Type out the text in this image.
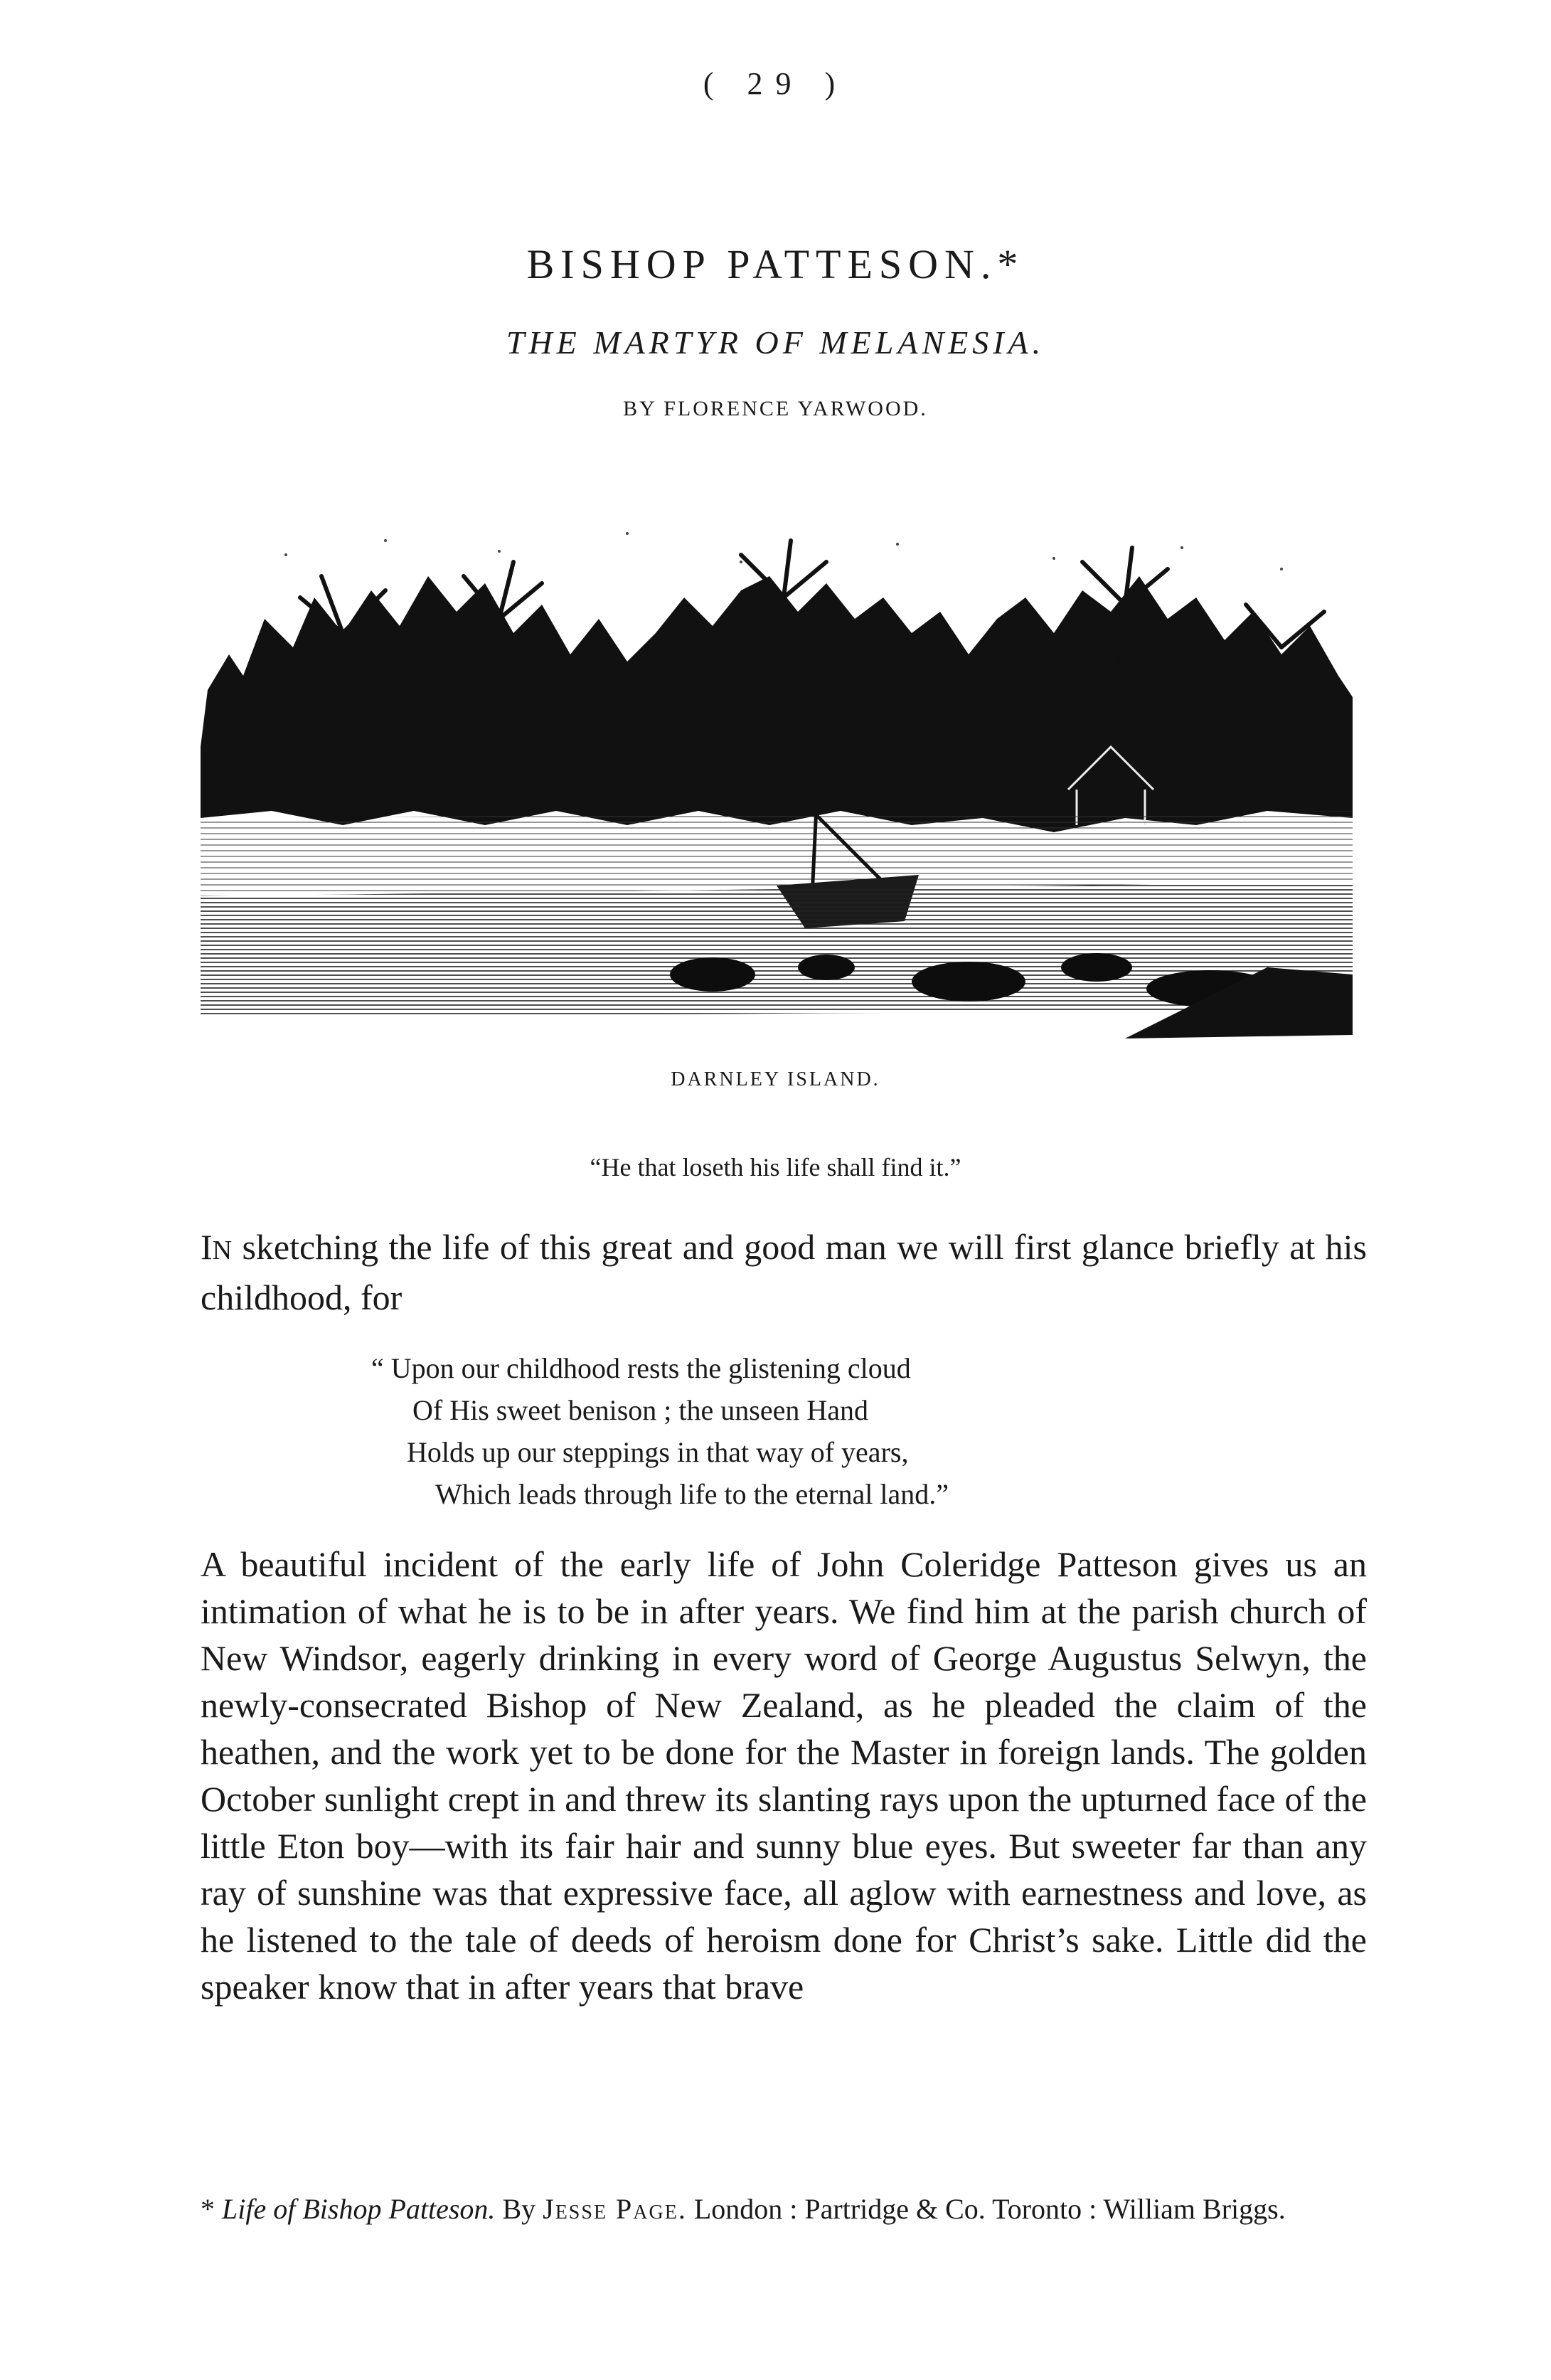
( 29 )
BISHOP PATTESON.*
THE MARTYR OF MELANESIA.
BY FLORENCE YARWOOD.
DARNLEY ISLAND.
“He that loseth his life shall find it.”
IN sketching the life of this great and good man we will first glance briefly at his childhood, for
“ Upon our childhood rests the glistening cloud
Of His sweet benison ; the unseen Hand
Holds up our steppings in that way of years,
Which leads through life to the eternal land.”
A beautiful incident of the early life of John Coleridge Patteson gives us an intimation of what he is to be in after years. We find him at the parish church of New Windsor, eagerly drinking in every word of George Augustus Selwyn, the newly-consecrated Bishop of New Zealand, as he pleaded the claim of the heathen, and the work yet to be done for the Master in foreign lands. The golden October sunlight crept in and threw its slanting rays upon the upturned face of the little Eton boy—with its fair hair and sunny blue eyes. But sweeter far than any ray of sunshine was that expressive face, all aglow with earnestness and love, as he listened to the tale of deeds of heroism done for Christ’s sake. Little did the speaker know that in after years that brave
* Life of Bishop Patteson. By Jesse Page. London : Partridge & Co. Toronto : William Briggs.
